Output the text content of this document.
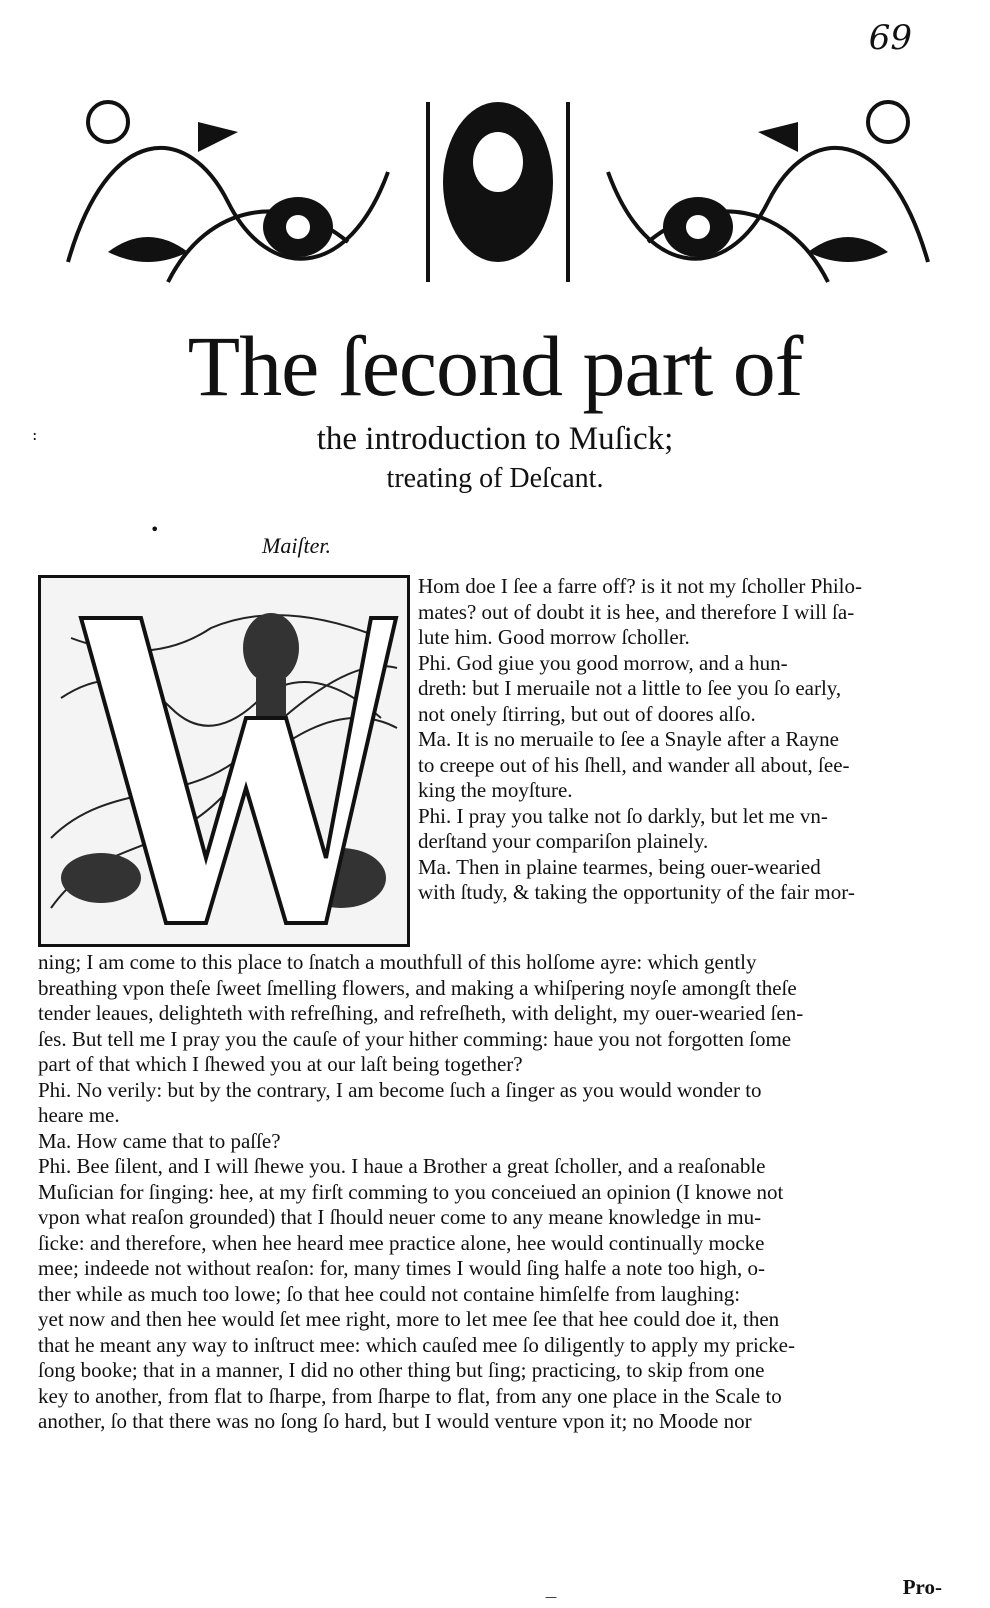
69
The ſecond part of
the introduction to Muſick;
treating of Deſcant.
:
•
Maiſter.
W
Hom doe I ſee a farre off? is it not my ſcholler Philo-
mates? out of doubt it is hee, and therefore I will ſa-
lute him. Good morrow ſcholler.
Phi. God giue you good morrow, and a hun-
dreth: but I meruaile not a little to ſee you ſo early,
not onely ſtirring, but out of doores alſo.
Ma. It is no meruaile to ſee a Snayle after a Rayne
to creepe out of his ſhell, and wander all about, ſee-
king the moyſture.
Phi. I pray you talke not ſo darkly, but let me vn-
derſtand your compariſon plainely.
Ma. Then in plaine tearmes, being ouer-wearied
with ſtudy, & taking the opportunity of the fair mor-
ning; I am come to this place to ſnatch a mouthfull of this holſome ayre: which gently
breathing vpon theſe ſweet ſmelling flowers, and making a whiſpering noyſe amongſt theſe
tender leaues, delighteth with refreſhing, and refreſheth, with delight, my ouer-wearied ſen-
ſes. But tell me I pray you the cauſe of your hither comming: haue you not forgotten ſome
part of that which I ſhewed you at our laſt being together?
Phi. No verily: but by the contrary, I am become ſuch a ſinger as you would wonder to
heare me.
Ma. How came that to paſſe?
Phi. Bee ſilent, and I will ſhewe you. I haue a Brother a great ſcholler, and a reaſonable
Muſician for ſinging: hee, at my firſt comming to you conceiued an opinion (I knowe not
vpon what reaſon grounded) that I ſhould neuer come to any meane knowledge in mu-
ſicke: and therefore, when hee heard mee practice alone, hee would continually mocke
mee; indeede not without reaſon: for, many times I would ſing halfe a note too high, o-
ther while as much too lowe; ſo that hee could not containe himſelfe from laughing:
yet now and then hee would ſet mee right, more to let mee ſee that hee could doe it, then
that he meant any way to inſtruct mee: which cauſed mee ſo diligently to apply my pricke-
ſong booke; that in a manner, I did no other thing but ſing; practicing, to skip from one
key to another, from flat to ſharpe, from ſharpe to flat, from any one place in the Scale to
another, ſo that there was no ſong ſo hard, but I would venture vpon it; no Moode nor
Pro-
—
